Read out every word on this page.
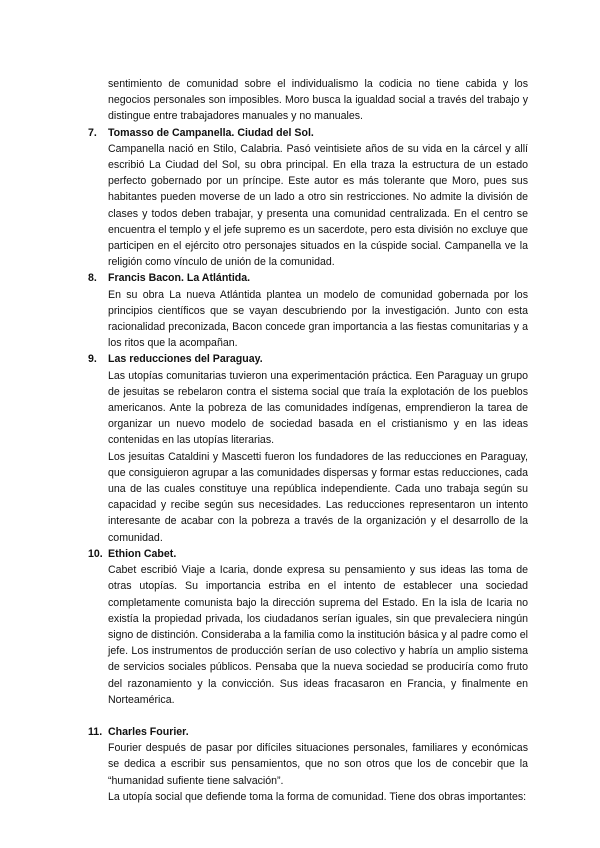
sentimiento de comunidad sobre el individualismo la codicia no tiene cabida y los negocios personales son imposibles. Moro busca la igualdad social a través del trabajo y distingue entre trabajadores manuales y no manuales.

7.	Tomasso de Campanella. Ciudad del Sol.

Campanella nació en Stilo, Calabria. Pasó veintisiete años de su vida en la cárcel y allí escribió La Ciudad del Sol, su obra principal. En ella traza la estructura de un estado perfecto gobernado por un príncipe. Este autor es más tolerante que Moro, pues sus habitantes pueden moverse de un lado a otro sin restricciones. No admite la división de clases y todos deben trabajar, y presenta una comunidad centralizada. En el centro se encuentra el templo y el jefe supremo es un sacerdote, pero esta división no excluye que participen en el ejército otro personajes situados en la cúspide social. Campanella ve la religión como vínculo de unión de la comunidad.

8.	Francis Bacon. La Atlántida.

En su obra La nueva Atlántida plantea un modelo de comunidad gobernada por los principios científicos que se vayan descubriendo por la investigación. Junto con esta racionalidad preconizada, Bacon concede gran importancia a las fiestas comunitarias y a los ritos que la acompañan.

9.	Las reducciones del Paraguay.

Las utopías comunitarias tuvieron una experimentación práctica. Een Paraguay un grupo de jesuitas se rebelaron contra el sistema social que traía la explotación de los pueblos americanos. Ante la pobreza de las comunidades indígenas, emprendieron la tarea de organizar un nuevo modelo de sociedad basada en el cristianismo y en las ideas contenidas en las utopías literarias.

Los jesuitas Cataldini y Mascetti fueron los fundadores de las reducciones en Paraguay, que consiguieron agrupar a las comunidades dispersas y formar estas reducciones, cada una de las cuales constituye una república independiente. Cada uno trabaja según su capacidad y recibe según sus necesidades. Las reducciones representaron un intento interesante de acabar con la pobreza a través de la organización y el desarrollo de la comunidad.

10. Ethion Cabet.

Cabet escribió Viaje a Icaria, donde expresa su pensamiento y sus ideas las toma de otras utopías. Su importancia estriba en el intento de establecer una sociedad completamente comunista bajo la dirección suprema del Estado. En la isla de Icaria no existía la propiedad privada, los ciudadanos serían iguales, sin que prevaleciera ningún signo de distinción. Consideraba a la familia como la institución básica y al padre como el jefe. Los instrumentos de producción serían de uso colectivo y habría un amplio sistema de servicios sociales públicos. Pensaba que la nueva sociedad se produciría como fruto del razonamiento y la convicción. Sus ideas fracasaron en Francia, y finalmente en Norteamérica.

11. Charles Fourier.

Fourier después de pasar por difíciles situaciones personales, familiares y económicas se dedica a escribir sus pensamientos, que no son otros que los de concebir que la “humanidad sufiente tiene salvación”.

La utopía social que defiende toma la forma de comunidad. Tiene dos obras importantes:
